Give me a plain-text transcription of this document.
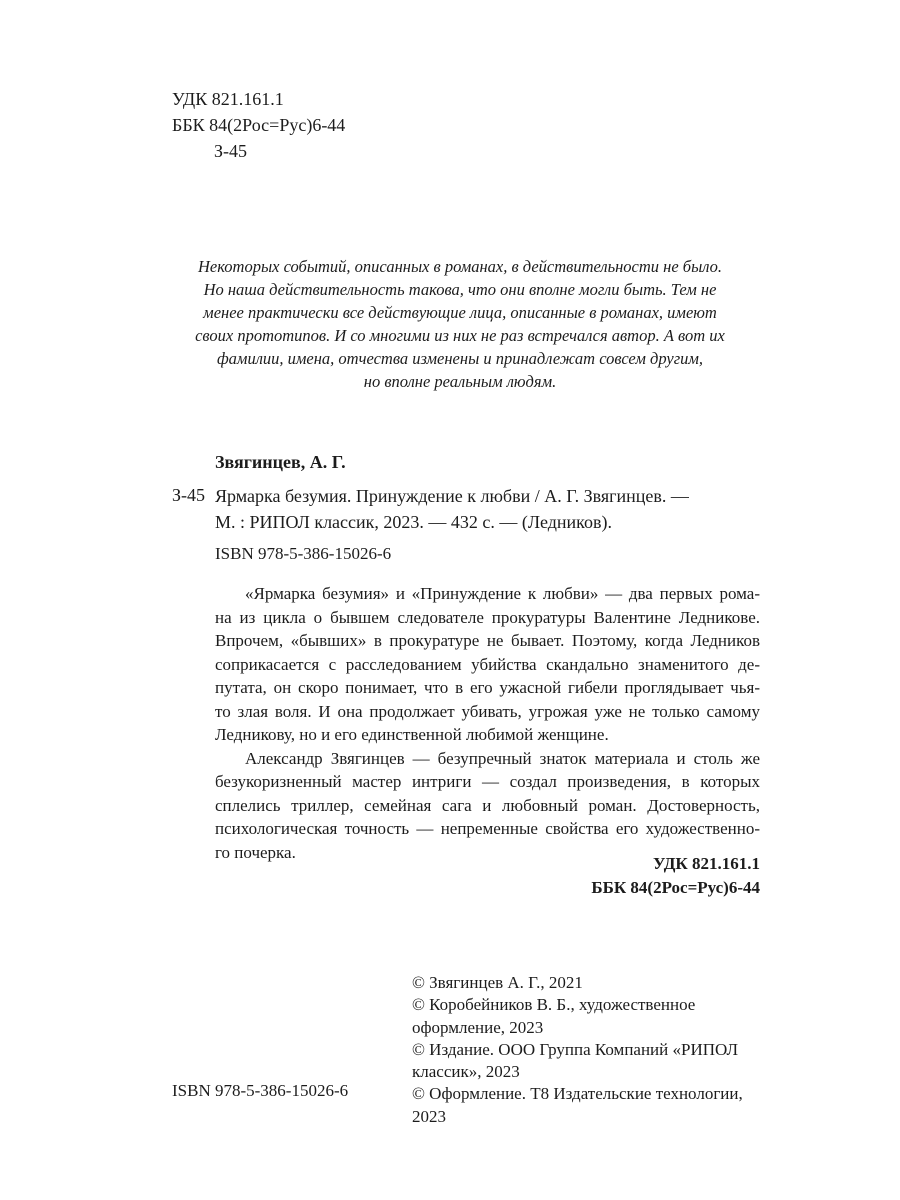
УДК 821.161.1
ББК 84(2Рос=Рус)6-44
З-45
Некоторых событий, описанных в романах, в действительности не было.
Но наша действительность такова, что они вполне могли быть. Тем не
менее практически все действующие лица, описанные в романах, имеют
своих прототипов. И со многими из них не раз встречался автор. А вот их
фамилии, имена, отчества изменены и принадлежат совсем другим,
но вполне реальным людям.
Звягинцев, А. Г.
З-45 Ярмарка безумия. Принуждение к любви / А. Г. Звягинцев. —
М. : РИПОЛ классик, 2023. — 432 с. — (Ледников).
ISBN 978-5-386-15026-6
«Ярмарка безумия» и «Принуждение к любви» — два первых рома-
на из цикла о бывшем следователе прокуратуры Валентине Ледникове.
Впрочем, «бывших» в прокуратуре не бывает. Поэтому, когда Ледников
соприкасается с расследованием убийства скандально знаменитого де-
путата, он скоро понимает, что в его ужасной гибели проглядывает чья-
то злая воля. И она продолжает убивать, угрожая уже не только самому
Ледникову, но и его единственной любимой женщине.
Александр Звягинцев — безупречный знаток материала и столь же
безукоризненный мастер интриги — создал произведения, в которых
сплелись триллер, семейная сага и любовный роман. Достоверность,
психологическая точность — непременные свойства его художественно-
го почерка.
УДК 821.161.1
ББК 84(2Рос=Рус)6-44
© Звягинцев А. Г., 2021
© Коробейников В. Б., художественное
оформление, 2023
© Издание. ООО Группа Компаний «РИПОЛ
классик», 2023
© Оформление. Т8 Издательские технологии,
2023
ISBN 978-5-386-15026-6
